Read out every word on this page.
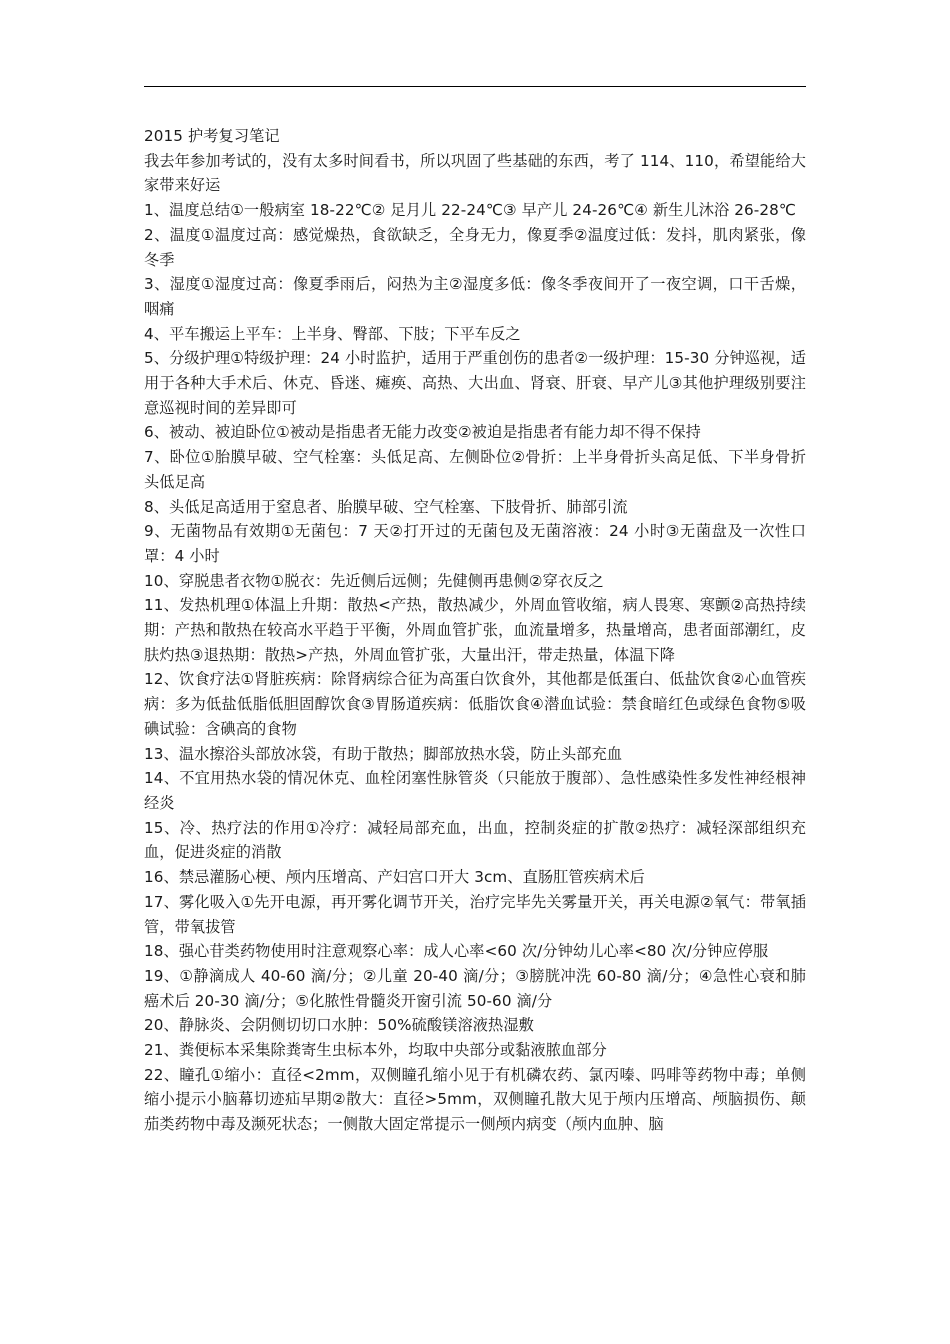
2015 护考复习笔记

我去年参加考试的，没有太多时间看书，所以巩固了些基础的东西，考了 114、110，希望能给大家带来好运

1、温度总结①一般病室 18-22℃② 足月儿 22-24℃③ 早产儿 24-26℃④ 新生儿沐浴 26-28℃

2、温度①温度过高：感觉燥热，食欲缺乏，全身无力，像夏季②温度过低：发抖，肌肉紧张，像冬季

3、湿度①湿度过高：像夏季雨后，闷热为主②湿度多低：像冬季夜间开了一夜空调，口干舌燥，咽痛

4、平车搬运上平车：上半身、臀部、下肢；下平车反之

5、分级护理①特级护理：24 小时监护，适用于严重创伤的患者②一级护理：15-30 分钟巡视，适用于各种大手术后、休克、昏迷、瘫痪、高热、大出血、肾衰、肝衰、早产儿③其他护理级别要注意巡视时间的差异即可

6、被动、被迫卧位①被动是指患者无能力改变②被迫是指患者有能力却不得不保持

7、卧位①胎膜早破、空气栓塞：头低足高、左侧卧位②骨折：上半身骨折头高足低、下半身骨折头低足高

8、头低足高适用于窒息者、胎膜早破、空气栓塞、下肢骨折、肺部引流

9、无菌物品有效期①无菌包：7 天②打开过的无菌包及无菌溶液：24 小时③无菌盘及一次性口罩：4 小时

10、穿脱患者衣物①脱衣：先近侧后远侧；先健侧再患侧②穿衣反之

11、发热机理①体温上升期：散热<产热，散热减少，外周血管收缩，病人畏寒、寒颤②高热持续期：产热和散热在较高水平趋于平衡，外周血管扩张，血流量增多，热量增高，患者面部潮红，皮肤灼热③退热期：散热>产热，外周血管扩张，大量出汗，带走热量，体温下降

12、饮食疗法①肾脏疾病：除肾病综合征为高蛋白饮食外，其他都是低蛋白、低盐饮食②心血管疾病：多为低盐低脂低胆固醇饮食③胃肠道疾病：低脂饮食④潜血试验：禁食暗红色或绿色食物⑤吸碘试验：含碘高的食物

13、温水擦浴头部放冰袋，有助于散热；脚部放热水袋，防止头部充血

14、不宜用热水袋的情况休克、血栓闭塞性脉管炎（只能放于腹部）、急性感染性多发性神经根神经炎

15、冷、热疗法的作用①冷疗：减轻局部充血，出血，控制炎症的扩散②热疗：减轻深部组织充血，促进炎症的消散

16、禁忌灌肠心梗、颅内压增高、产妇宫口开大 3cm、直肠肛管疾病术后

17、雾化吸入①先开电源，再开雾化调节开关，治疗完毕先关雾量开关，再关电源②氧气：带氧插管，带氧拔管

18、强心苷类药物使用时注意观察心率：成人心率<60 次/分钟幼儿心率<80 次/分钟应停服

19、①静滴成人 40-60 滴/分；②儿童 20-40 滴/分；③膀胱冲洗 60-80 滴/分；④急性心衰和肺癌术后 20-30 滴/分；⑤化脓性骨髓炎开窗引流 50-60 滴/分

20、静脉炎、会阴侧切切口水肿：50%硫酸镁溶液热湿敷

21、粪便标本采集除粪寄生虫标本外，均取中央部分或黏液脓血部分

22、瞳孔①缩小：直径<2mm，双侧瞳孔缩小见于有机磷农药、氯丙嗪、吗啡等药物中毒；单侧缩小提示小脑幕切迹疝早期②散大：直径>5mm，双侧瞳孔散大见于颅内压增高、颅脑损伤、颠茄类药物中毒及濒死状态；一侧散大固定常提示一侧颅内病变（颅内血肿、脑
